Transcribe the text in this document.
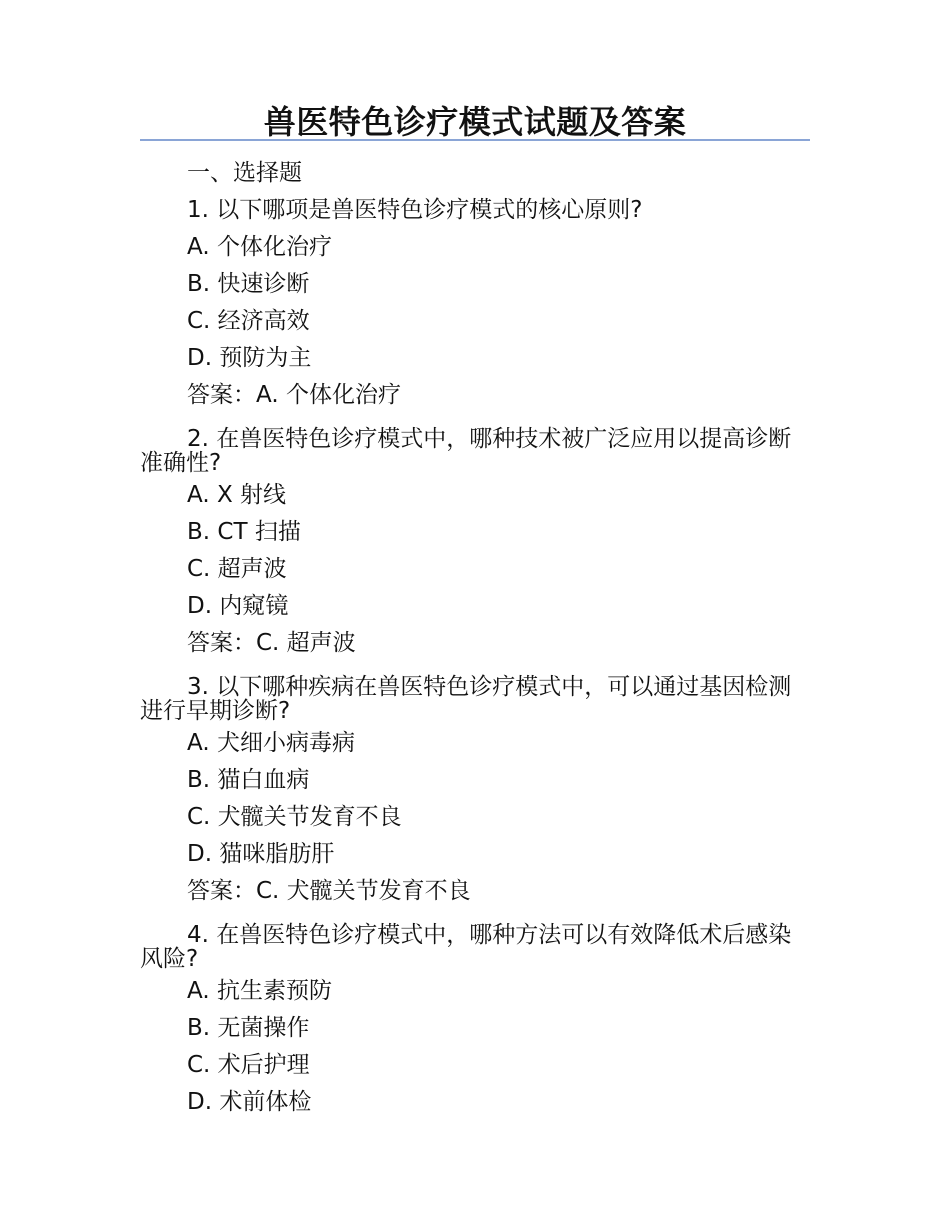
兽医特色诊疗模式试题及答案
一、选择题
1. 以下哪项是兽医特色诊疗模式的核心原则?
A. 个体化治疗
B. 快速诊断
C. 经济高效
D. 预防为主
答案：A. 个体化治疗
2. 在兽医特色诊疗模式中，哪种技术被广泛应用以提高诊断准确性?
A. X 射线
B. CT 扫描
C. 超声波
D. 内窥镜
答案：C. 超声波
3. 以下哪种疾病在兽医特色诊疗模式中，可以通过基因检测进行早期诊断?
A. 犬细小病毒病
B. 猫白血病
C. 犬髋关节发育不良
D. 猫咪脂肪肝
答案：C. 犬髋关节发育不良
4. 在兽医特色诊疗模式中，哪种方法可以有效降低术后感染风险?
A. 抗生素预防
B. 无菌操作
C. 术后护理
D. 术前体检
